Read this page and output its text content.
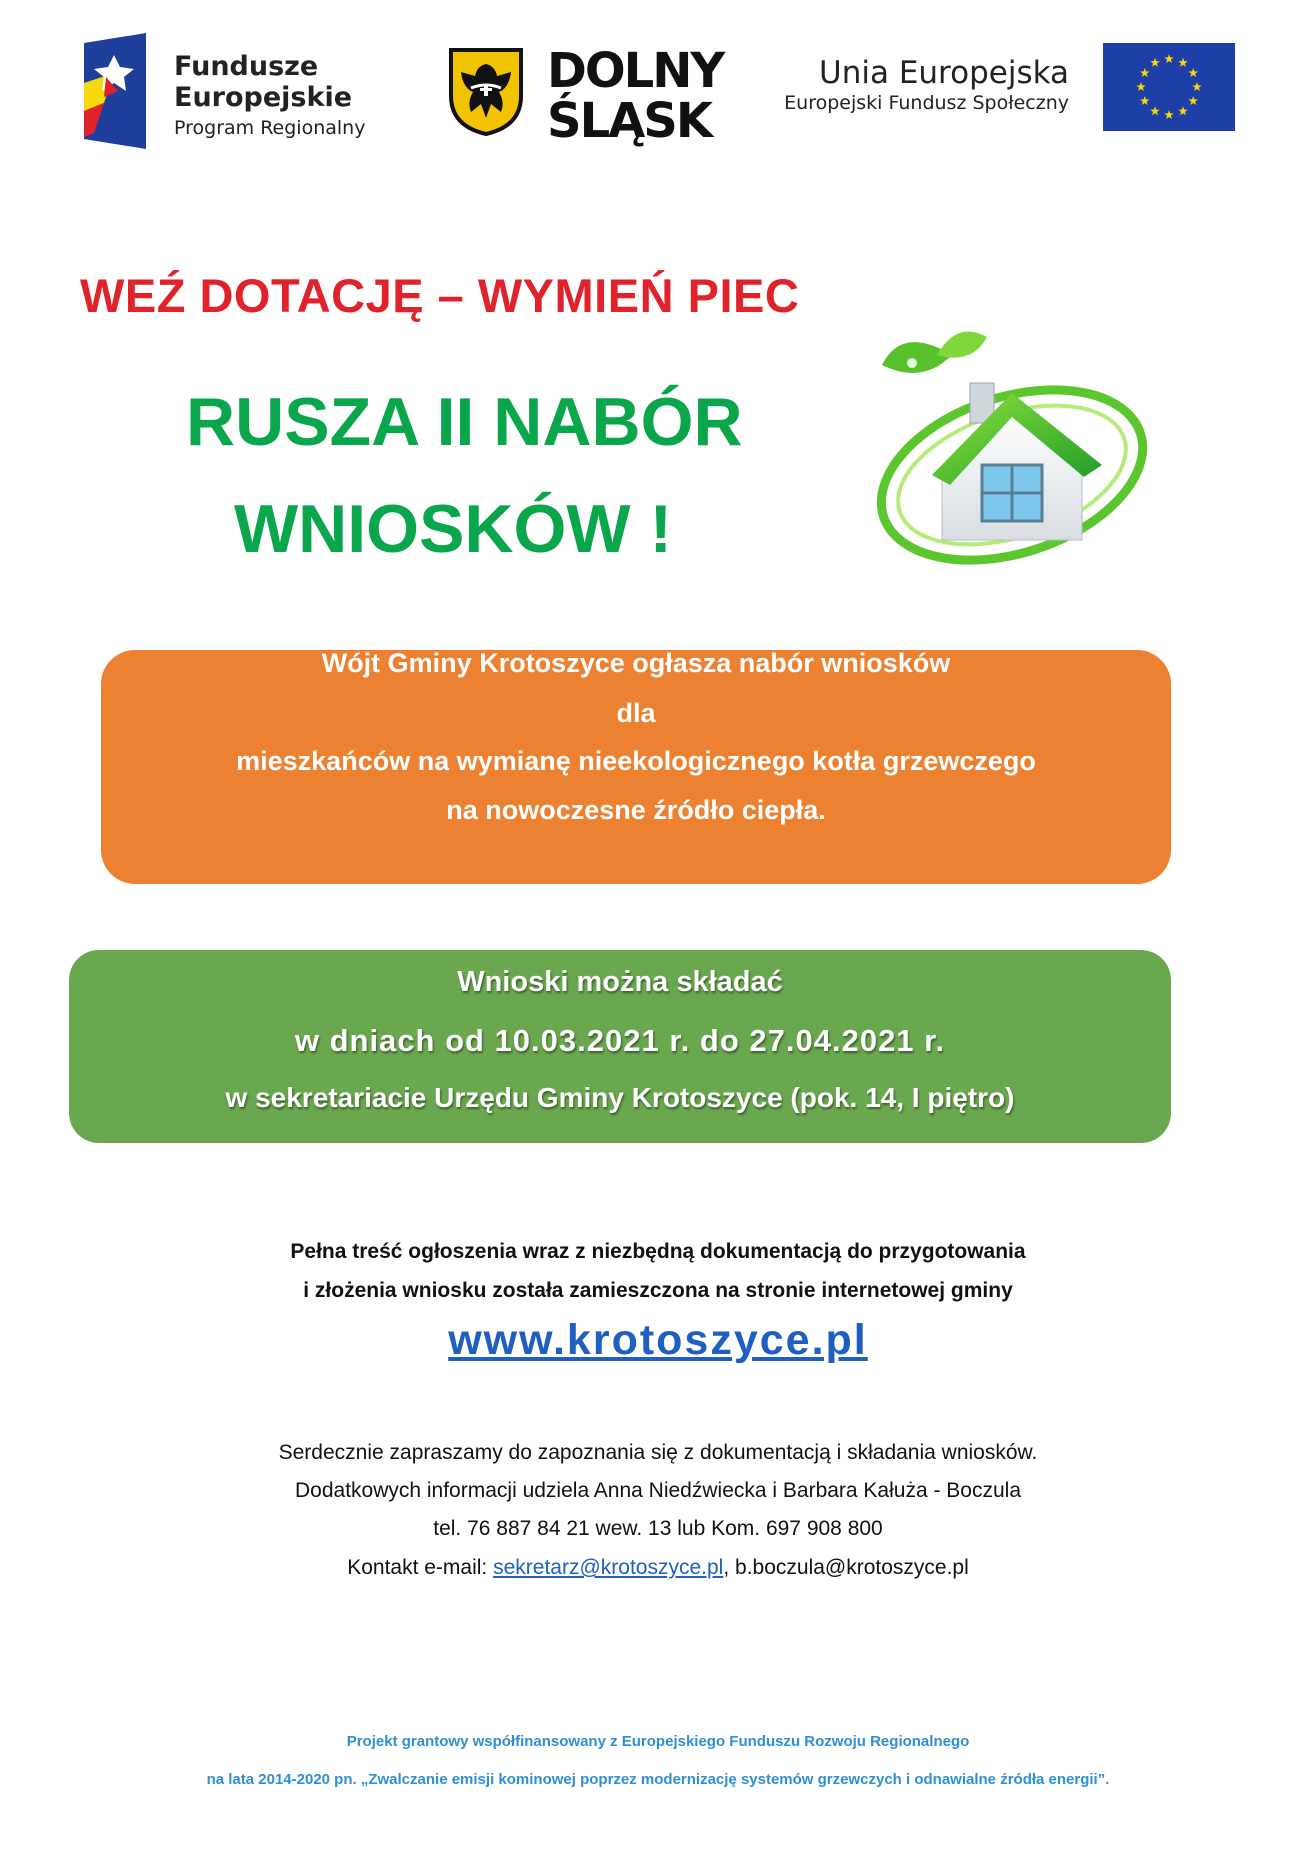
Fundusze
Europejskie
Program Regionalny
DOLNY
ŚLĄSK
Unia Europejska
Europejski Fundusz Społeczny
WEŹ DOTACJĘ – WYMIEŃ PIEC
RUSZA II NABÓR
WNIOSKÓW !
Wójt Gminy Krotoszyce ogłasza nabór wniosków
dla
mieszkańców na wymianę nieekologicznego kotła grzewczego
na nowoczesne źródło ciepła.
Wnioski można składać
w dniach od 10.03.2021 r. do 27.04.2021 r.
w sekretariacie Urzędu Gminy Krotoszyce (pok. 14, I piętro)
Pełna treść ogłoszenia wraz z niezbędną dokumentacją do przygotowania
i złożenia wniosku została zamieszczona na stronie internetowej gminy
www.krotoszyce.pl
Serdecznie zapraszamy do zapoznania się z dokumentacją i składania wniosków.
Dodatkowych informacji udziela Anna Niedźwiecka i Barbara Kałuża - Boczula
tel. 76 887 84 21 wew. 13 lub Kom. 697 908 800
Kontakt e-mail: sekretarz@krotoszyce.pl, b.boczula@krotoszyce.pl
Projekt grantowy współfinansowany z Europejskiego Funduszu Rozwoju Regionalnego
na lata 2014-2020 pn. „Zwalczanie emisji kominowej poprzez modernizację systemów grzewczych i odnawialne źródła energii”.
